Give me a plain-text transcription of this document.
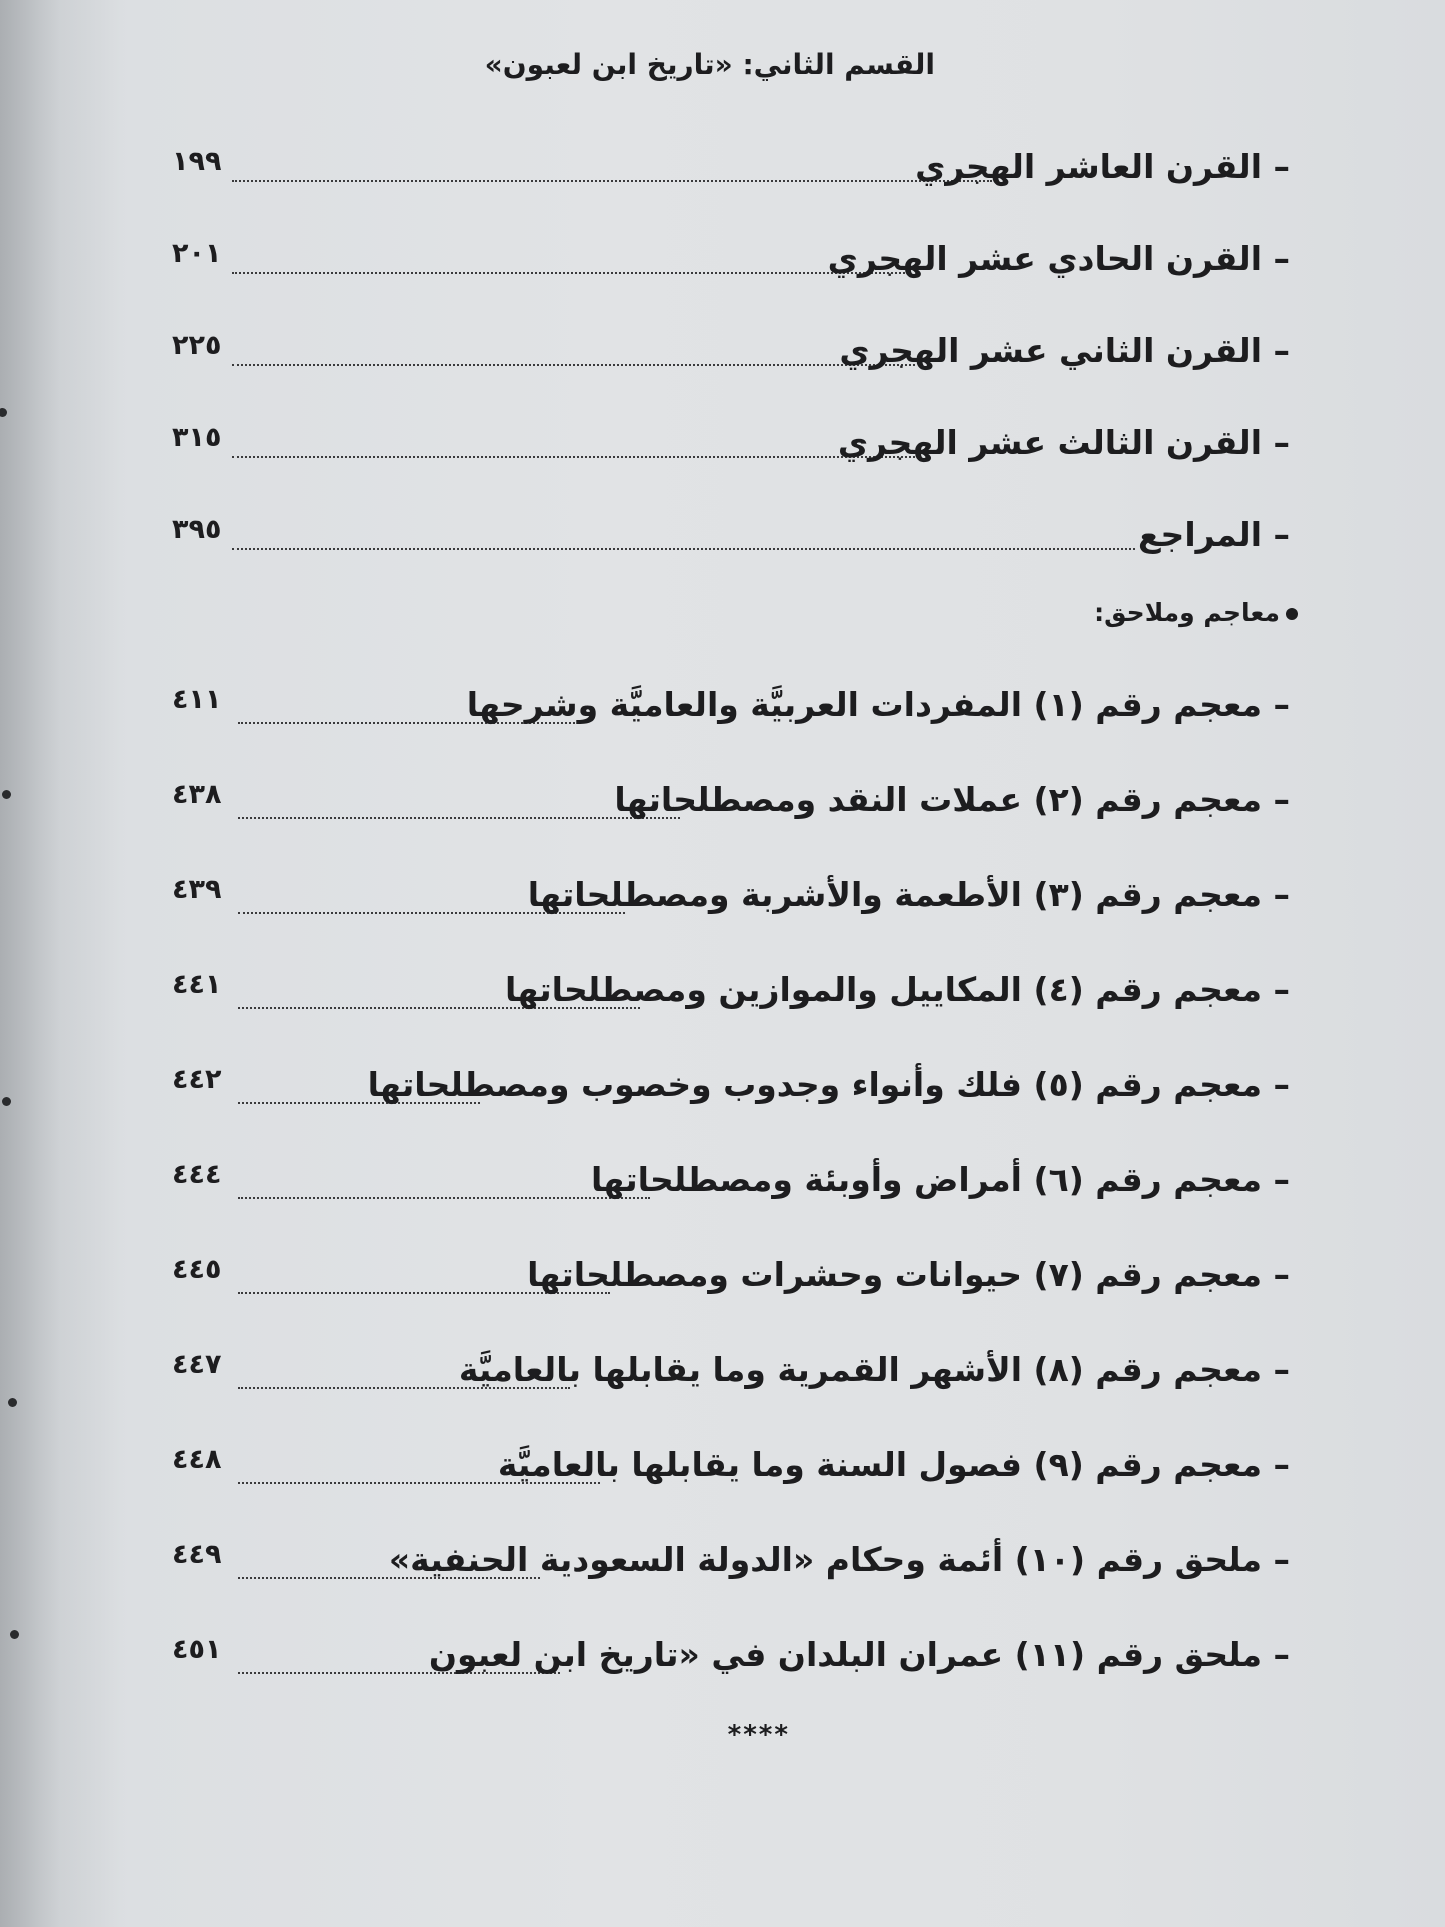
القسم الثاني: «تاريخ ابن لعبون»
– القرن العاشر الهجري
١٩٩
– القرن الحادي عشر الهجري
٢٠١
– القرن الثاني عشر الهجري
٢٢٥
– القرن الثالث عشر الهجري
٣١٥
– المراجع
٣٩٥
معاجم وملاحق:
– معجم رقم (١) المفردات العربيَّة والعاميَّة وشرحها
٤١١
– معجم رقم (٢) عملات النقد ومصطلحاتها
٤٣٨
– معجم رقم (٣) الأطعمة والأشربة ومصطلحاتها
٤٣٩
– معجم رقم (٤) المكاييل والموازين ومصطلحاتها
٤٤١
– معجم رقم (٥) فلك وأنواء وجدوب وخصوب ومصطلحاتها
٤٤٢
– معجم رقم (٦) أمراض وأوبئة ومصطلحاتها
٤٤٤
– معجم رقم (٧) حيوانات وحشرات ومصطلحاتها
٤٤٥
– معجم رقم (٨) الأشهر القمرية وما يقابلها بالعاميَّة
٤٤٧
– معجم رقم (٩) فصول السنة وما يقابلها بالعاميَّة
٤٤٨
– ملحق رقم (١٠) أئمة وحكام «الدولة السعودية الحنفية»
٤٤٩
– ملحق رقم (١١) عمران البلدان في «تاريخ ابن لعبون
٤٥١
****
